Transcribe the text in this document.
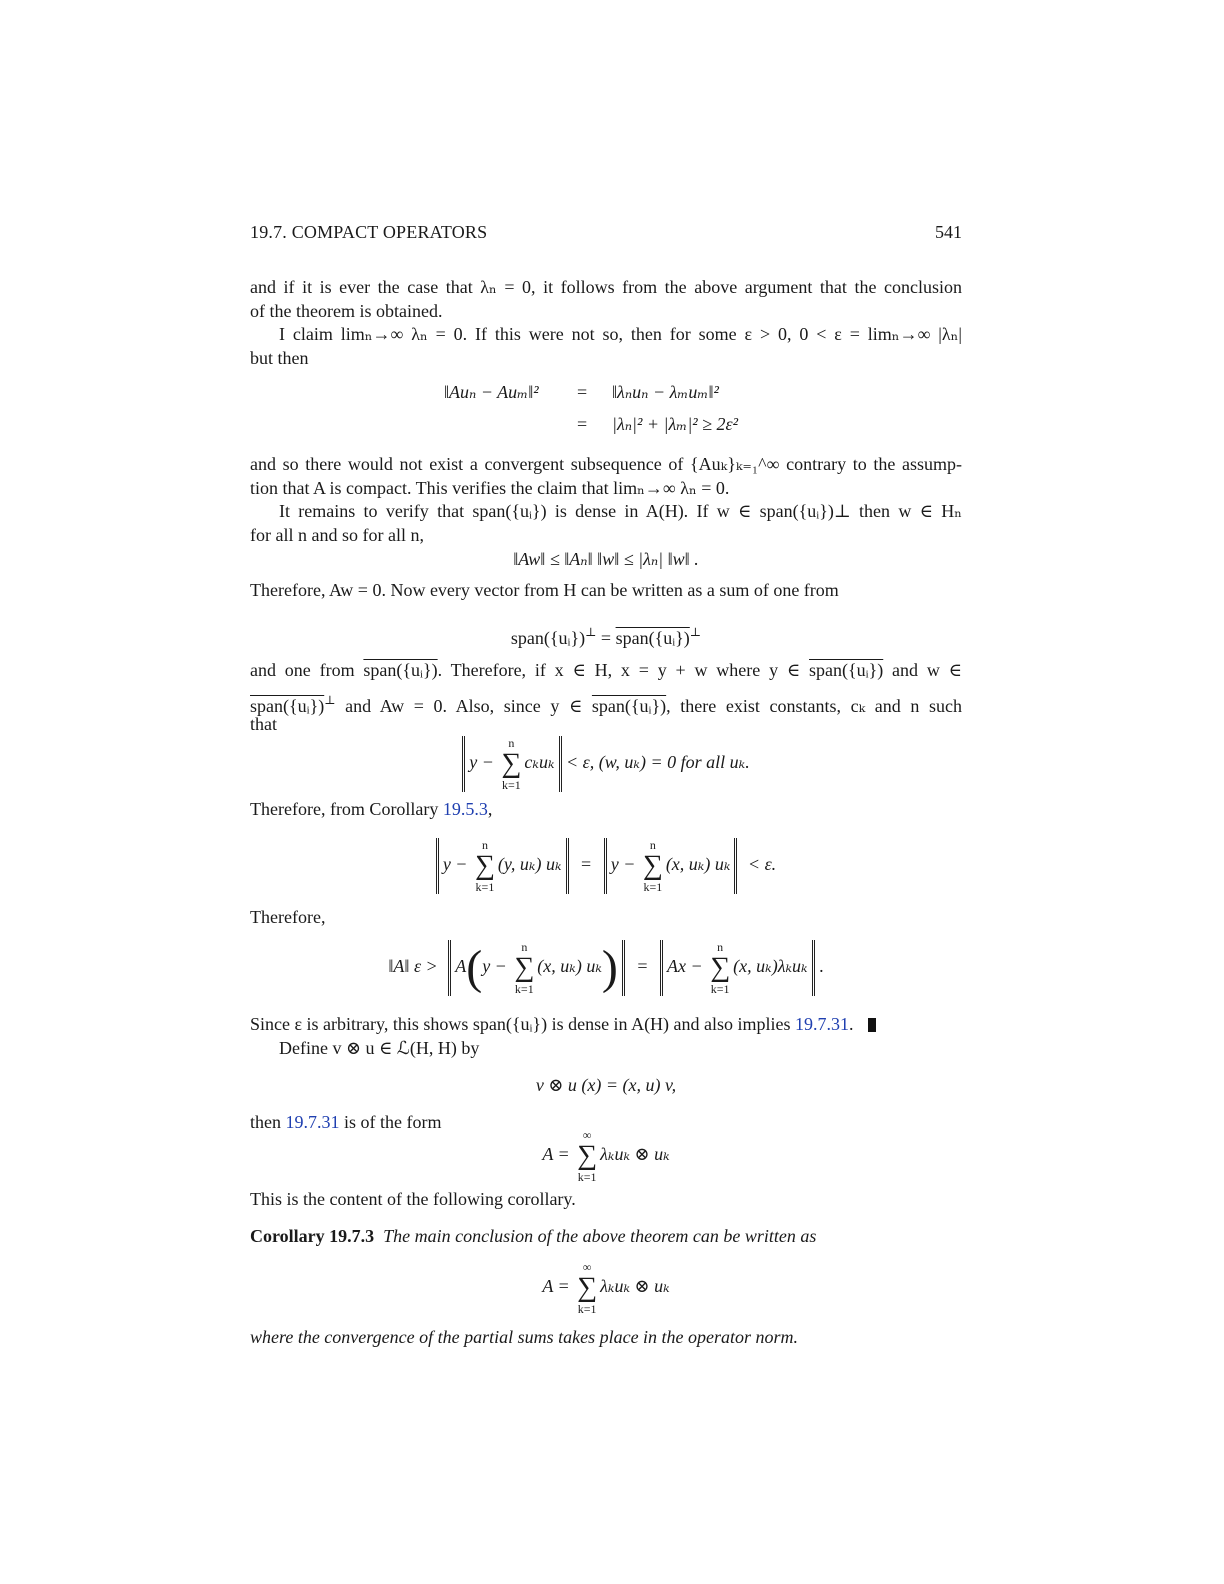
19.7. COMPACT OPERATORS	541
and if it is ever the case that λₙ = 0, it follows from the above argument that the conclusion
of the theorem is obtained.
I claim limₙ→∞ λₙ = 0. If this were not so, then for some ε > 0, 0 < ε = limₙ→∞ |λₙ|
but then
‖Auₙ − Auₘ‖² = ‖λₙuₙ − λₘuₘ‖²
= |λₙ|² + |λₘ|² ≥ 2ε²
and so there would not exist a convergent subsequence of {Auₖ}ₖ₌₁^∞ contrary to the assump-
tion that A is compact. This verifies the claim that limₙ→∞ λₙ = 0.
It remains to verify that span({uᵢ}) is dense in A(H). If w ∈ span({uᵢ})⊥ then w ∈ Hₙ
for all n and so for all n,
‖Aw‖ ≤ ‖Aₙ‖ ‖w‖ ≤ |λₙ| ‖w‖ .
Therefore, Aw = 0. Now every vector from H can be written as a sum of one from
span({uᵢ})⊥ = span({uᵢ})⊥
and one from span({uᵢ}). Therefore, if x ∈ H, x = y + w where y ∈ span({uᵢ}) and w ∈
span({uᵢ})⊥ and Aw = 0. Also, since y ∈ span({uᵢ}), there exist constants, cₖ and n such
that
y −
n
∑
k=1
cₖuₖ < ε, (w, uₖ) = 0 for all uₖ.
Therefore, from Corollary 19.5.3,
y −
n
∑
k=1
(y, uₖ) uₖ = y −
n
∑
k=1
(x, uₖ) uₖ < ε.
Therefore,
‖A‖ ε > A(y −
n
∑
k=1
(x, uₖ) uₖ) = Ax −
n
∑
k=1
(x, uₖ)λₖuₖ .
Since ε is arbitrary, this shows span({uᵢ}) is dense in A(H) and also implies 19.7.31.
Define v ⊗ u ∈ ℒ(H, H) by
v ⊗ u (x) = (x, u) v,
then 19.7.31 is of the form
A =
∞
∑
k=1
λₖuₖ ⊗ uₖ
This is the content of the following corollary.
Corollary 19.7.3 The main conclusion of the above theorem can be written as
A =
∞
∑
k=1
λₖuₖ ⊗ uₖ
where the convergence of the partial sums takes place in the operator norm.
